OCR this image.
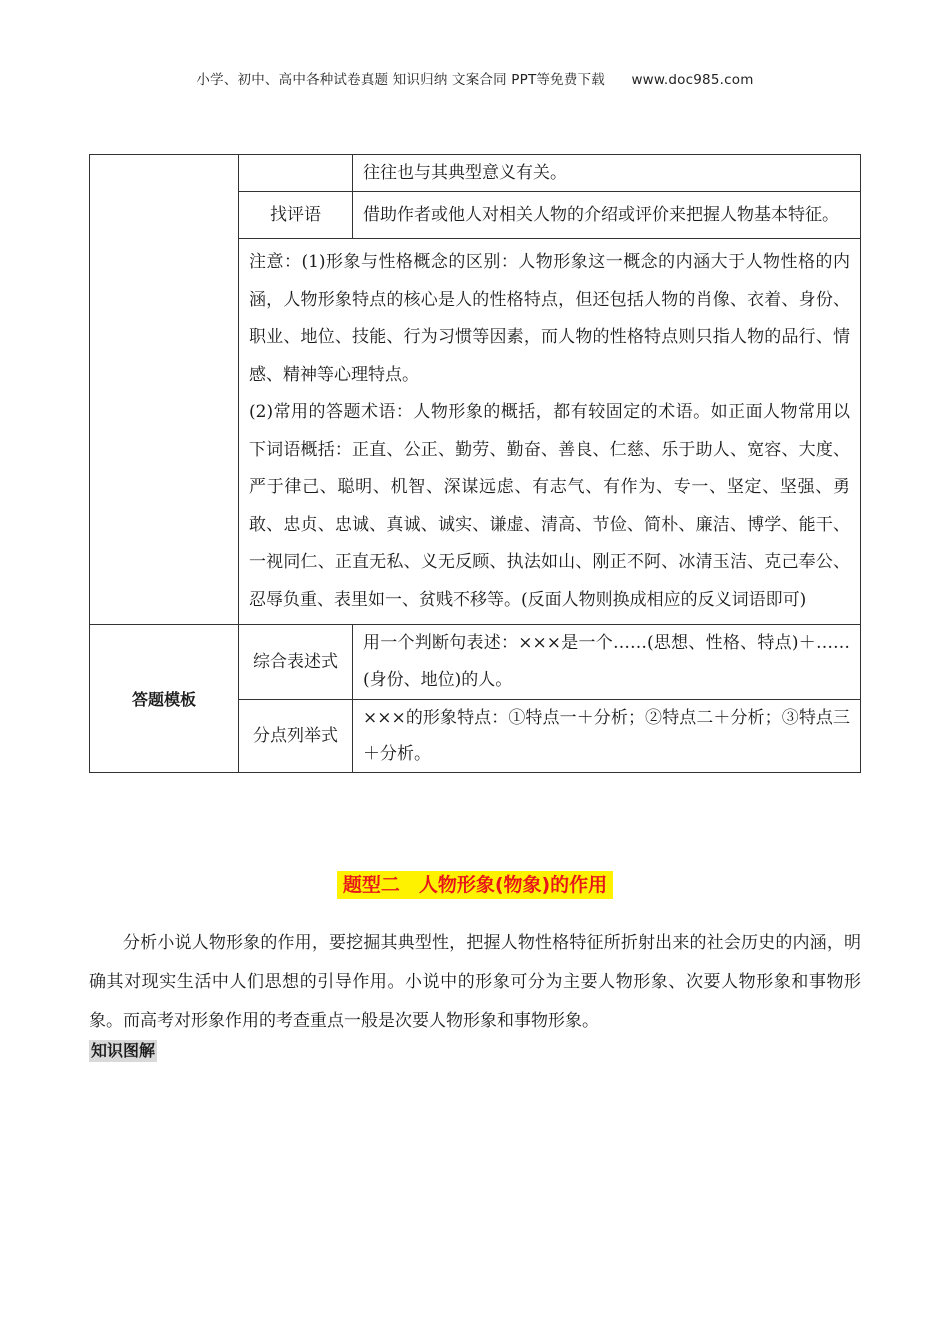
小学、初中、高中各种试卷真题 知识归纳 文案合同 PPT等免费下载 www.doc985.com

		往往也与其典型意义有关。

	找评语	借助作者或他人对相关人物的介绍或评价来把握人物基本特征。

	注意：(1)形象与性格概念的区别：人物形象这一概念的内涵大于人物性格的内涵，人物形象特点的核心是人的性格特点，但还包括人物的肖像、衣着、身份、职业、地位、技能、行为习惯等因素，而人物的性格特点则只指人物的品行、情感、精神等心理特点。

(2)常用的答题术语：人物形象的概括，都有较固定的术语。如正面人物常用以下词语概括：正直、公正、勤劳、勤奋、善良、仁慈、乐于助人、宽容、大度、严于律己、聪明、机智、深谋远虑、有志气、有作为、专一、坚定、坚强、勇敢、忠贞、忠诚、真诚、诚实、谦虚、清高、节俭、简朴、廉洁、博学、能干、一视同仁、正直无私、义无反顾、执法如山、刚正不阿、冰清玉洁、克己奉公、忍辱负重、表里如一、贫贱不移等。(反面人物则换成相应的反义词语即可)	

答题模板	综合表述式	用一个判断句表述：×××是一个……(思想、性格、特点)＋……(身份、地位)的人。

	分点列举式	×××的形象特点：①特点一＋分析；②特点二＋分析；③特点三＋分析。
题型二　人物形象(物象)的作用

分析小说人物形象的作用，要挖掘其典型性，把握人物性格特征所折射出来的社会历史的内涵，明确其对现实生活中人们思想的引导作用。小说中的形象可分为主要人物形象、次要人物形象和事物形象。而高考对形象作用的考查重点一般是次要人物形象和事物形象。

知识图解
